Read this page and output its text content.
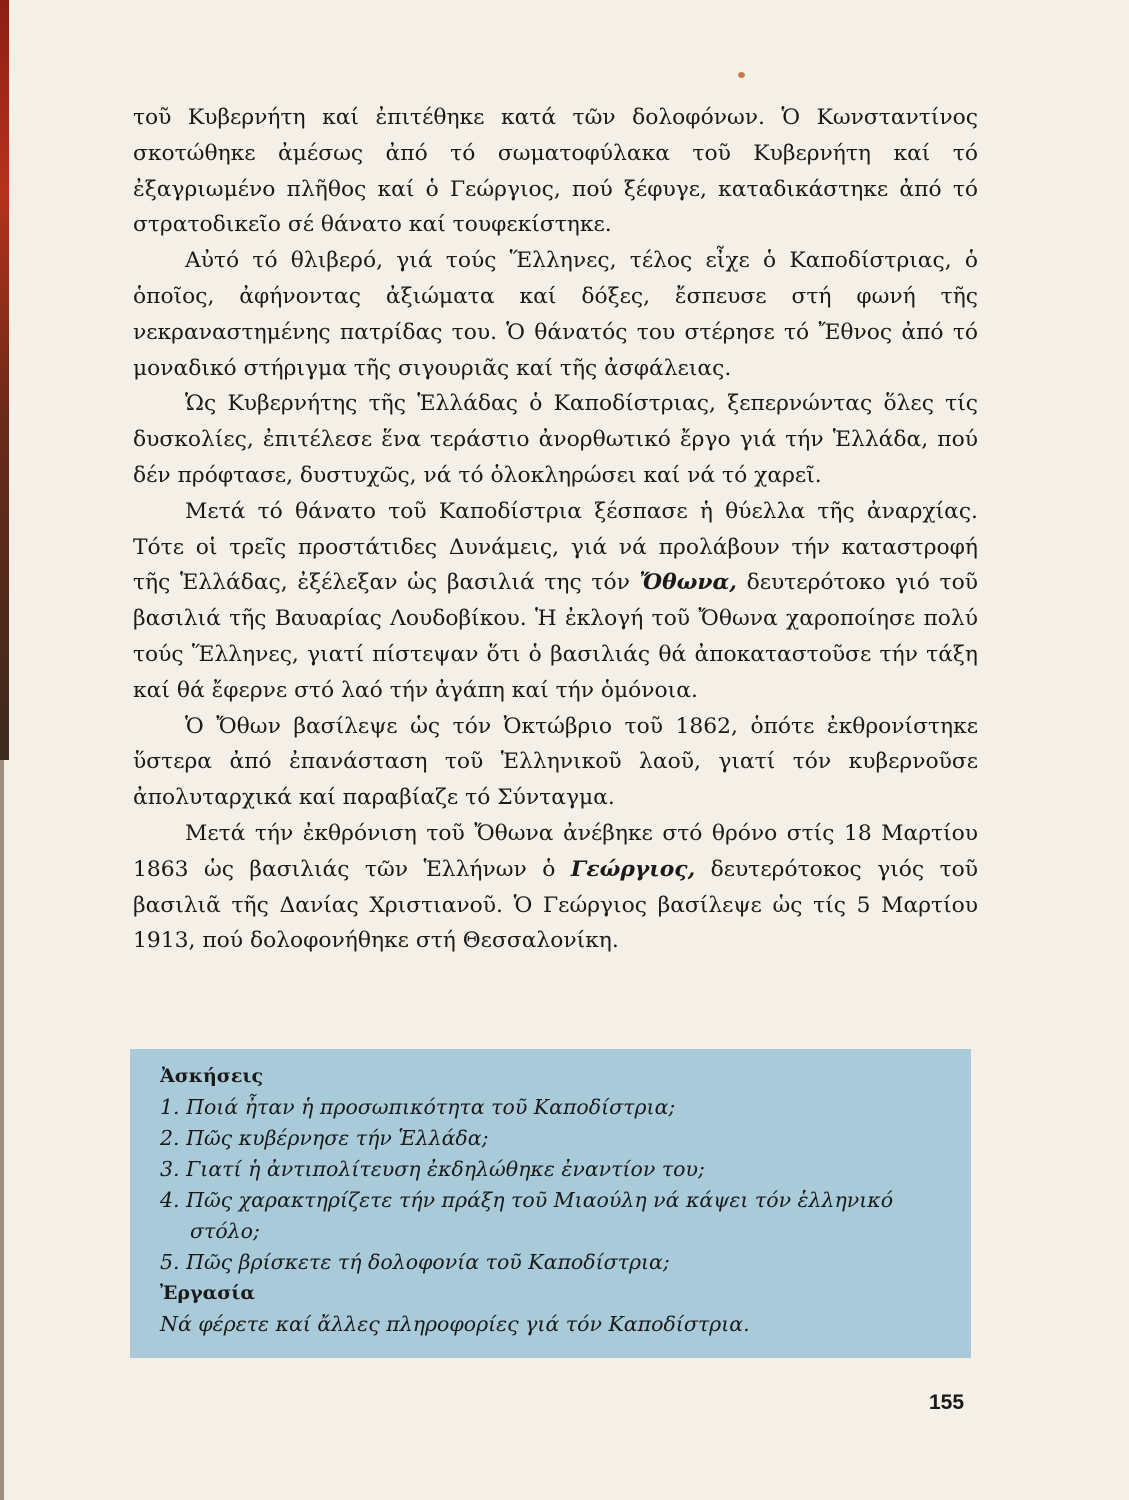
τοῦ Κυβερνήτη καί ἐπιτέθηκε κατά τῶν δολοφόνων. Ὁ Κωνσταντίνος σκοτώθηκε ἀμέσως ἀπό τό σωματοφύλακα τοῦ Κυβερνήτη καί τό ἐξαγριωμένο πλῆθος καί ὁ Γεώργιος, πού ξέφυγε, καταδικάστηκε ἀπό τό στρατοδικεῖο σέ θάνατο καί τουφεκίστηκε.

Αὐτό τό θλιβερό, γιά τούς Ἕλληνες, τέλος εἶχε ὁ Καποδίστριας, ὁ ὁποῖος, ἀφήνοντας ἀξιώματα καί δόξες, ἔσπευσε στή φωνή τῆς νεκραναστημένης πατρίδας του. Ὁ θάνατός του στέρησε τό Ἔθνος ἀπό τό μοναδικό στήριγμα τῆς σιγουριᾶς καί τῆς ἀσφάλειας.

Ὡς Κυβερνήτης τῆς Ἑλλάδας ὁ Καποδίστριας, ξεπερνώντας ὅλες τίς δυσκολίες, ἐπιτέλεσε ἕνα τεράστιο ἀνορθωτικό ἔργο γιά τήν Ἑλλάδα, πού δέν πρόφτασε, δυστυχῶς, νά τό ὁλοκληρώσει καί νά τό χαρεῖ.

Μετά τό θάνατο τοῦ Καποδίστρια ξέσπασε ἡ θύελλα τῆς ἀναρχίας. Τότε οἱ τρεῖς προστάτιδες Δυνάμεις, γιά νά προλάβουν τήν καταστροφή τῆς Ἑλλάδας, ἐξέλεξαν ὡς βασιλιά της τόν Ὄθωνα, δευτερότοκο γιό τοῦ βασιλιά τῆς Βαυαρίας Λουδοβίκου. Ἡ ἐκλογή τοῦ Ὄθωνα χαροποίησε πολύ τούς Ἕλληνες, γιατί πίστεψαν ὅτι ὁ βασιλιάς θά ἀποκαταστοῦσε τήν τάξη καί θά ἔφερνε στό λαό τήν ἀγάπη καί τήν ὁμόνοια.

Ὁ Ὄθων βασίλεψε ὡς τόν Ὀκτώβριο τοῦ 1862, ὁπότε ἐκθρονίστηκε ὕστερα ἀπό ἐπανάσταση τοῦ Ἑλληνικοῦ λαοῦ, γιατί τόν κυβερνοῦσε ἀπολυταρχικά καί παραβίαζε τό Σύνταγμα.

Μετά τήν ἐκθρόνιση τοῦ Ὄθωνα ἀνέβηκε στό θρόνο στίς 18 Μαρτίου 1863 ὡς βασιλιάς τῶν Ἑλλήνων ὁ Γεώργιος, δευτερότοκος γιός τοῦ βασιλιᾶ τῆς Δανίας Χριστιανοῦ. Ὁ Γεώργιος βασίλεψε ὡς τίς 5 Μαρτίου 1913, πού δολοφονήθηκε στή Θεσσαλονίκη.

Ἀσκήσεις
1. Ποιά ἦταν ἡ προσωπικότητα τοῦ Καποδίστρια;
2. Πῶς κυβέρνησε τήν Ἑλλάδα;
3. Γιατί ἡ ἀντιπολίτευση ἐκδηλώθηκε ἐναντίον του;
4. Πῶς χαρακτηρίζετε τήν πράξη τοῦ Μιαούλη νά κάψει τόν ἑλληνικό
στόλο;
5. Πῶς βρίσκετε τή δολοφονία τοῦ Καποδίστρια;
Ἐργασία
Νά φέρετε καί ἄλλες πληροφορίες γιά τόν Καποδίστρια.
155
